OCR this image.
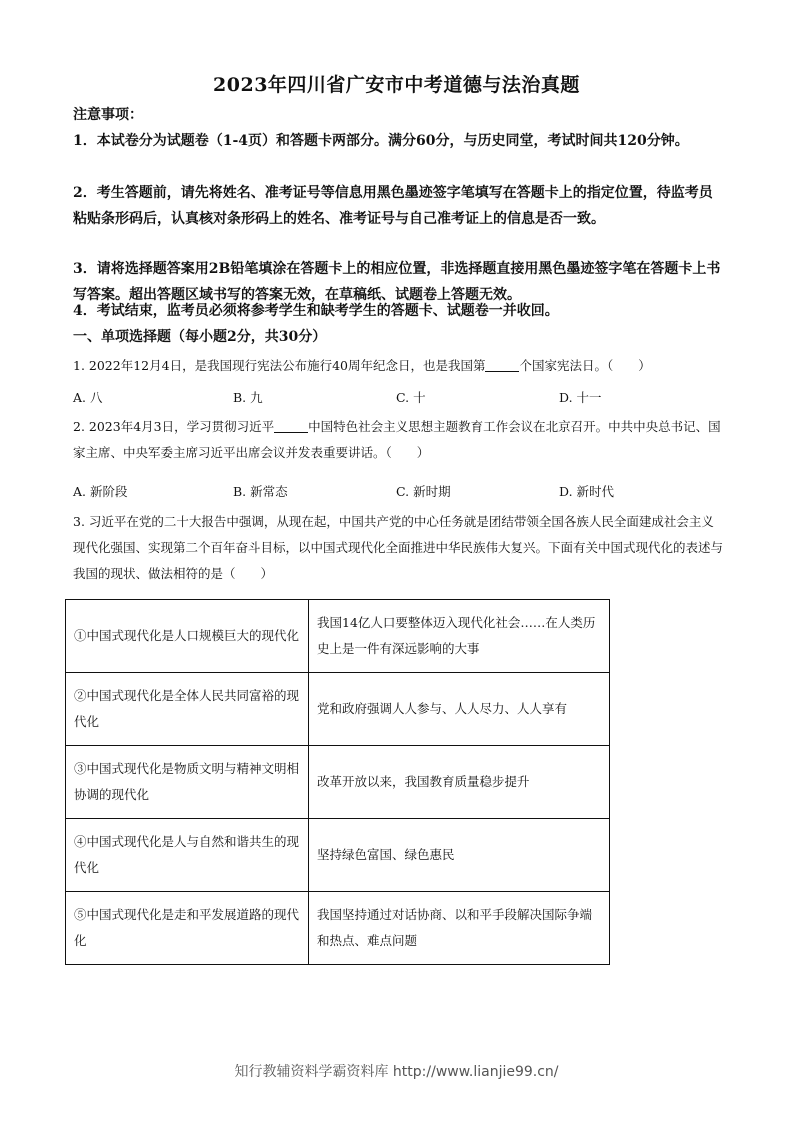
2023年四川省广安市中考道德与法治真题
注意事项：
1．本试卷分为试题卷（1-4页）和答题卡两部分。满分60分，与历史同堂，考试时间共120分钟。
2．考生答题前，请先将姓名、准考证号等信息用黑色墨迹签字笔填写在答题卡上的指定位置，待监考员粘贴条形码后，认真核对条形码上的姓名、准考证号与自己准考证上的信息是否一致。
3．请将选择题答案用2B铅笔填涂在答题卡上的相应位置，非选择题直接用黑色墨迹签字笔在答题卡上书写答案。超出答题区域书写的答案无效，在草稿纸、试题卷上答题无效。
4．考试结束，监考员必须将参考学生和缺考学生的答题卡、试题卷一并收回。
一、单项选择题（每小题2分，共30分）
1. 2022年12月4日，是我国现行宪法公布施行40周年纪念日，也是我国第	个国家宪法日。（　　）
A. 八	B. 九	C. 十	D. 十一
2. 2023年4月3日，学习贯彻习近平	中国特色社会主义思想主题教育工作会议在北京召开。中共中央总书记、国家主席、中央军委主席习近平出席会议并发表重要讲话。（　　）
A. 新阶段	B. 新常态	C. 新时期	D. 新时代
3. 习近平在党的二十大报告中强调，从现在起，中国共产党的中心任务就是团结带领全国各族人民全面建成社会主义现代化强国、实现第二个百年奋斗目标，以中国式现代化全面推进中华民族伟大复兴。下面有关中国式现代化的表述与我国的现状、做法相符的是（　　）
①中国式现代化是人口规模巨大的现代化	我国14亿人口要整体迈入现代化社会……在人类历史上是一件有深远影响的大事
②中国式现代化是全体人民共同富裕的现代化	党和政府强调人人参与、人人尽力、人人享有
③中国式现代化是物质文明与精神文明相协调的现代化	改革开放以来，我国教育质量稳步提升
④中国式现代化是人与自然和谐共生的现代化	坚持绿色富国、绿色惠民
⑤中国式现代化是走和平发展道路的现代化	我国坚持通过对话协商、以和平手段解决国际争端和热点、难点问题
知行教辅资料学霸资料库 http://www.lianjie99.cn/
